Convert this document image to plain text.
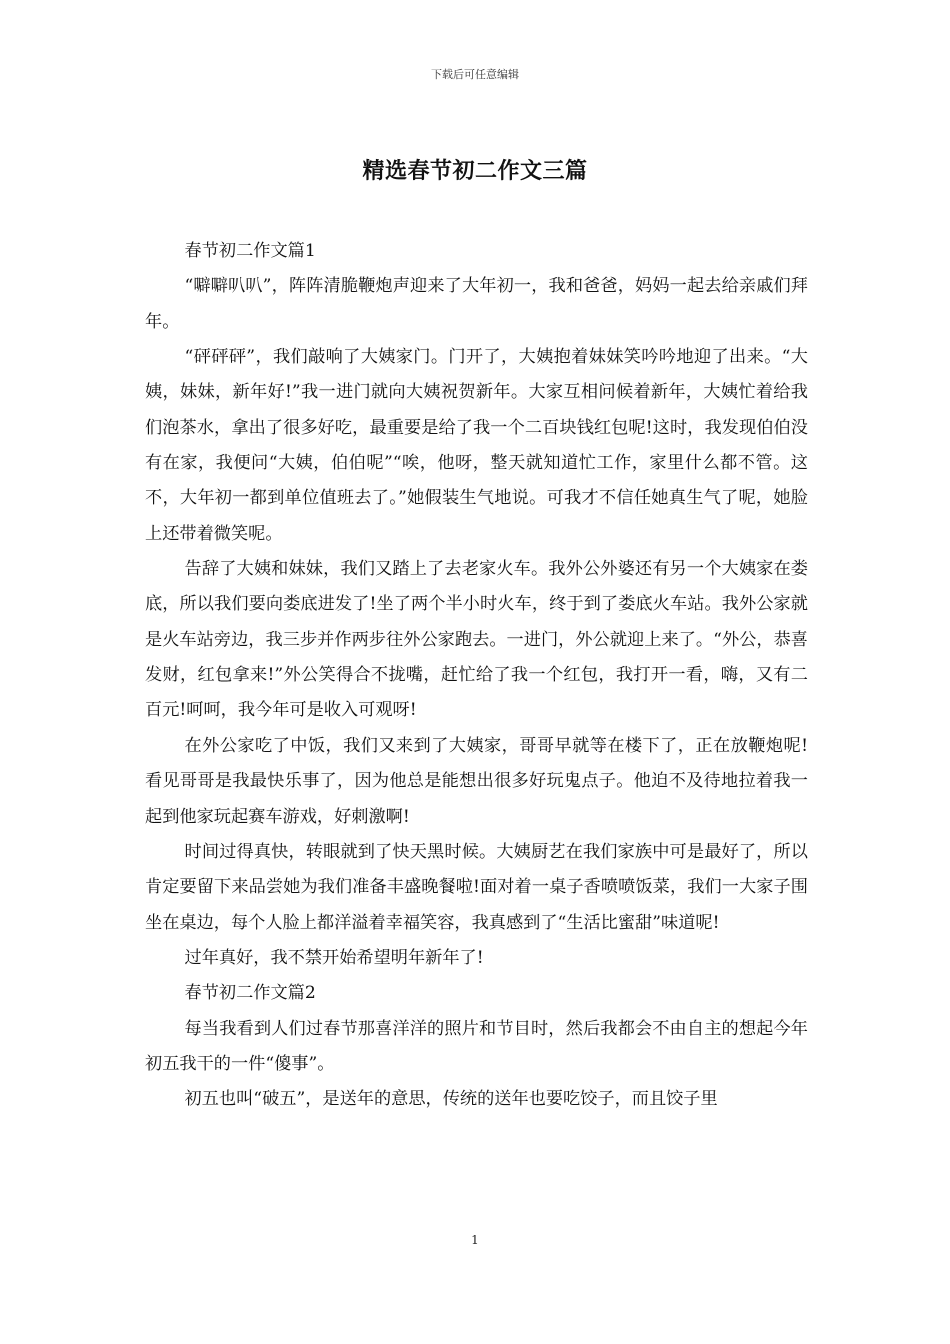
下载后可任意编辑
精选春节初二作文三篇

春节初二作文篇1

“噼噼叭叭”，阵阵清脆鞭炮声迎来了大年初一，我和爸爸，妈妈一起去给亲戚们拜年。

“砰砰砰”，我们敲响了大姨家门。门开了，大姨抱着妹妹笑吟吟地迎了出来。“大姨，妹妹，新年好!”我一进门就向大姨祝贺新年。大家互相问候着新年，大姨忙着给我们泡茶水，拿出了很多好吃，最重要是给了我一个二百块钱红包呢!这时，我发现伯伯没有在家，我便问“大姨，伯伯呢”“唉，他呀，整天就知道忙工作，家里什么都不管。这不，大年初一都到单位值班去了。”她假装生气地说。可我才不信任她真生气了呢，她脸上还带着微笑呢。

告辞了大姨和妹妹，我们又踏上了去老家火车。我外公外婆还有另一个大姨家在娄底，所以我们要向娄底进发了!坐了两个半小时火车，终于到了娄底火车站。我外公家就是火车站旁边，我三步并作两步往外公家跑去。一进门，外公就迎上来了。“外公，恭喜发财，红包拿来!”外公笑得合不拢嘴，赶忙给了我一个红包，我打开一看，嗨，又有二百元!呵呵，我今年可是收入可观呀!

在外公家吃了中饭，我们又来到了大姨家，哥哥早就等在楼下了，正在放鞭炮呢!看见哥哥是我最快乐事了，因为他总是能想出很多好玩鬼点子。他迫不及待地拉着我一起到他家玩起赛车游戏，好刺激啊!

时间过得真快，转眼就到了快天黑时候。大姨厨艺在我们家族中可是最好了，所以肯定要留下来品尝她为我们准备丰盛晚餐啦!面对着一桌子香喷喷饭菜，我们一大家子围坐在桌边，每个人脸上都洋溢着幸福笑容，我真感到了“生活比蜜甜”味道呢!

过年真好，我不禁开始希望明年新年了!

春节初二作文篇2

每当我看到人们过春节那喜洋洋的照片和节目时，然后我都会不由自主的想起今年初五我干的一件“傻事”。

初五也叫“破五”，是送年的意思，传统的送年也要吃饺子，而且饺子里

1
